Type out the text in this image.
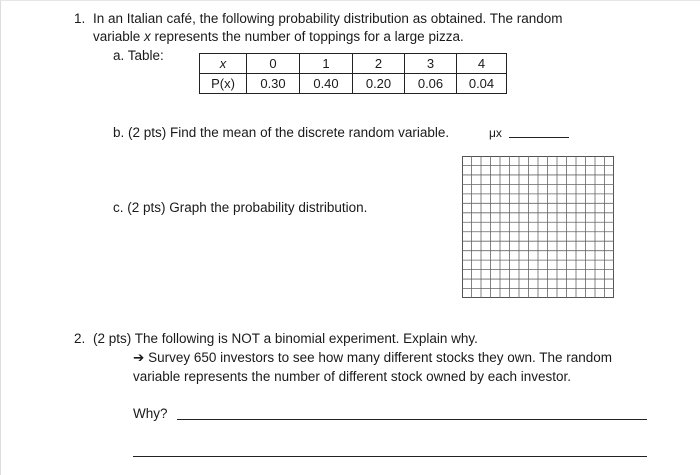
1. In an Italian café, the following probability distribution as obtained. The random
variable x represents the number of toppings for a large pizza.
a. Table:
x	0	1	2	3	4
P(x)	0.30	0.40	0.20	0.06	0.04
b. (2 pts) Find the mean of the discrete random variable.	μx
c. (2 pts) Graph the probability distribution.
2. (2 pts) The following is NOT a binomial experiment. Explain why.
➔ Survey 650 investors to see how many different stocks they own. The random
variable represents the number of different stock owned by each investor.
Why?
